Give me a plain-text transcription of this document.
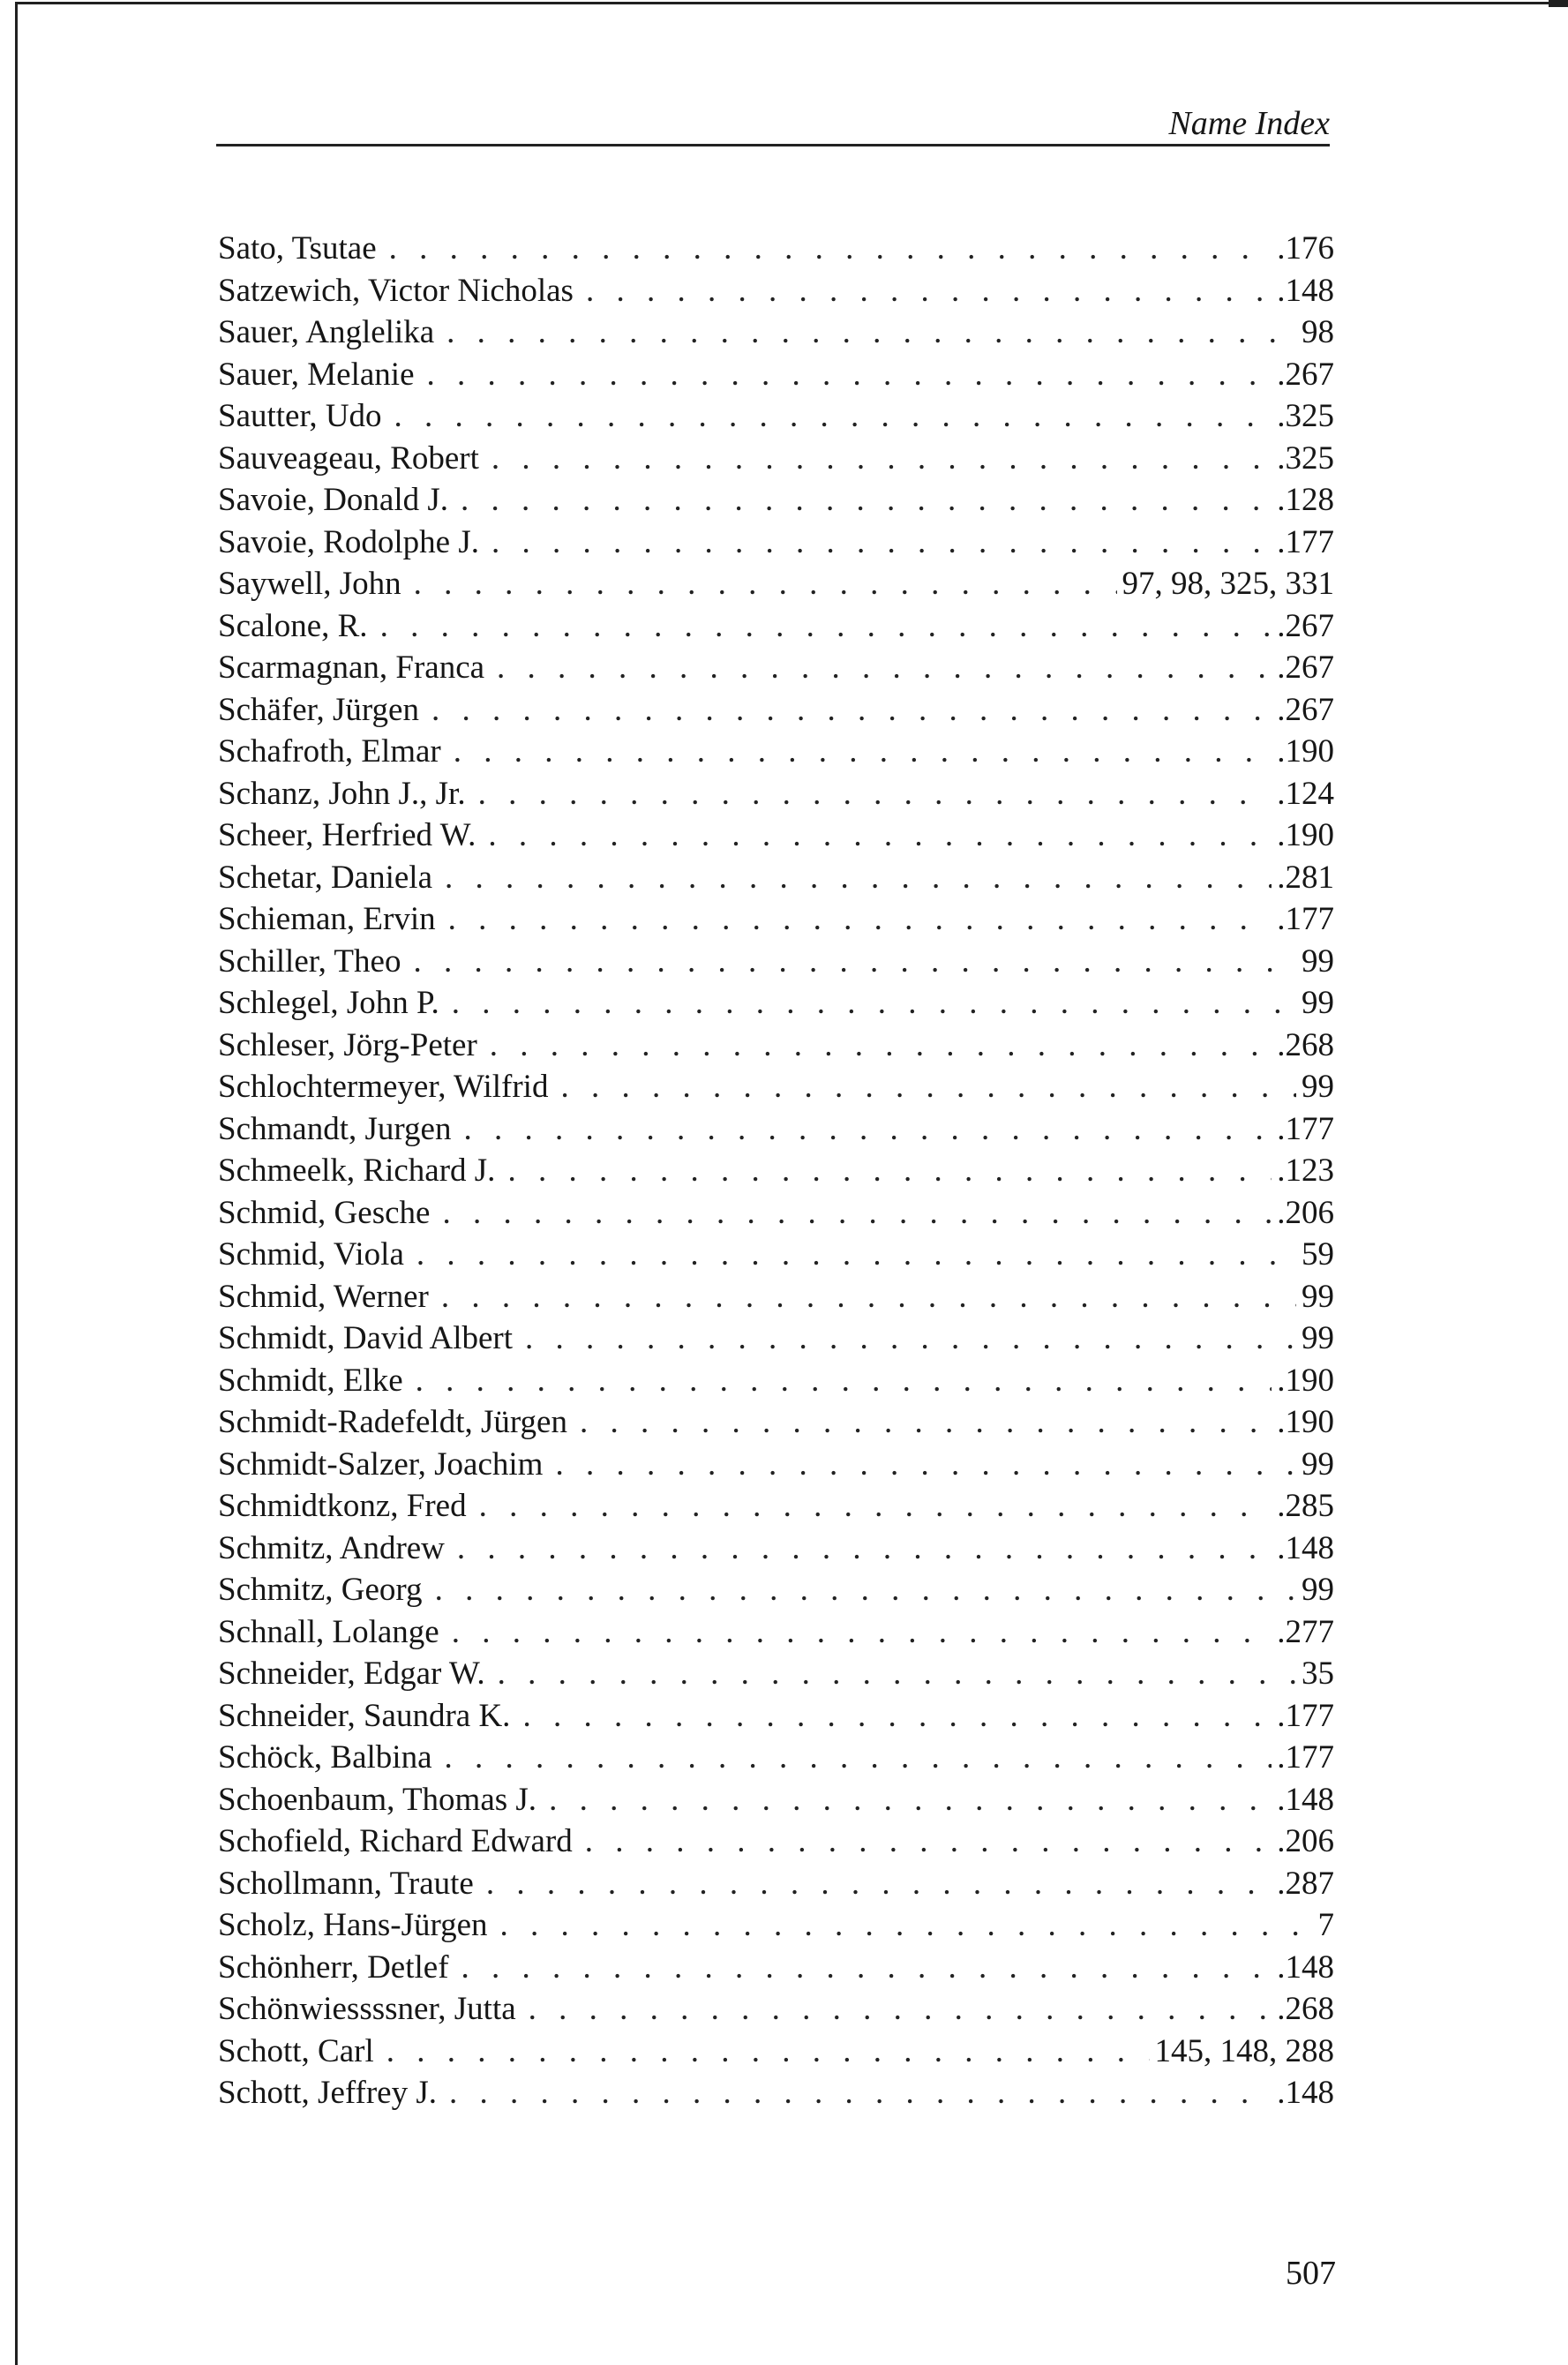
Name Index
Sato, Tsutae . . .	.176
Satzewich, Victor Nicholas . . .	.148
Sauer, Anglelika . . .	98
Sauer, Melanie . . .	.267
Sautter, Udo . . .	.325
Sauveageau, Robert . . .	.325
Savoie, Donald J. . . .	.128
Savoie, Rodolphe J. . . .	.177
Saywell, John . . .	97, 98, 325, 331
Scalone, R. . . .	.267
Scarmagnan, Franca . . .	.267
Schäfer, Jürgen . . .	.267
Schafroth, Elmar . . .	.190
Schanz, John J., Jr. . . .	.124
Scheer, Herfried W. . . .	.190
Schetar, Daniela . . .	.281
Schieman, Ervin . . .	.177
Schiller, Theo . . .	99
Schlegel, John P. . . .	99
Schleser, Jörg-Peter . . .	.268
Schlochtermeyer, Wilfrid . . .	99
Schmandt, Jurgen . . .	.177
Schmeelk, Richard J. . . .	.123
Schmid, Gesche . . .	.206
Schmid, Viola . . .	59
Schmid, Werner . . .	99
Schmidt, David Albert . . .	99
Schmidt, Elke . . .	.190
Schmidt-Radefeldt, Jürgen . . .	.190
Schmidt-Salzer, Joachim . . .	99
Schmidtkonz, Fred . . .	.285
Schmitz, Andrew . . .	.148
Schmitz, Georg . . .	99
Schnall, Lolange . . .	.277
Schneider, Edgar W. . . .	35
Schneider, Saundra K. . . .	.177
Schöck, Balbina . . .	.177
Schoenbaum, Thomas J. . . .	.148
Schofield, Richard Edward . . .	.206
Schollmann, Traute . . .	.287
Scholz, Hans-Jürgen . . .	7
Schönherr, Detlef . . .	.148
Schönwiessssner, Jutta . . .	.268
Schott, Carl . . .	145, 148, 288
Schott, Jeffrey J. . . .	.148
507
